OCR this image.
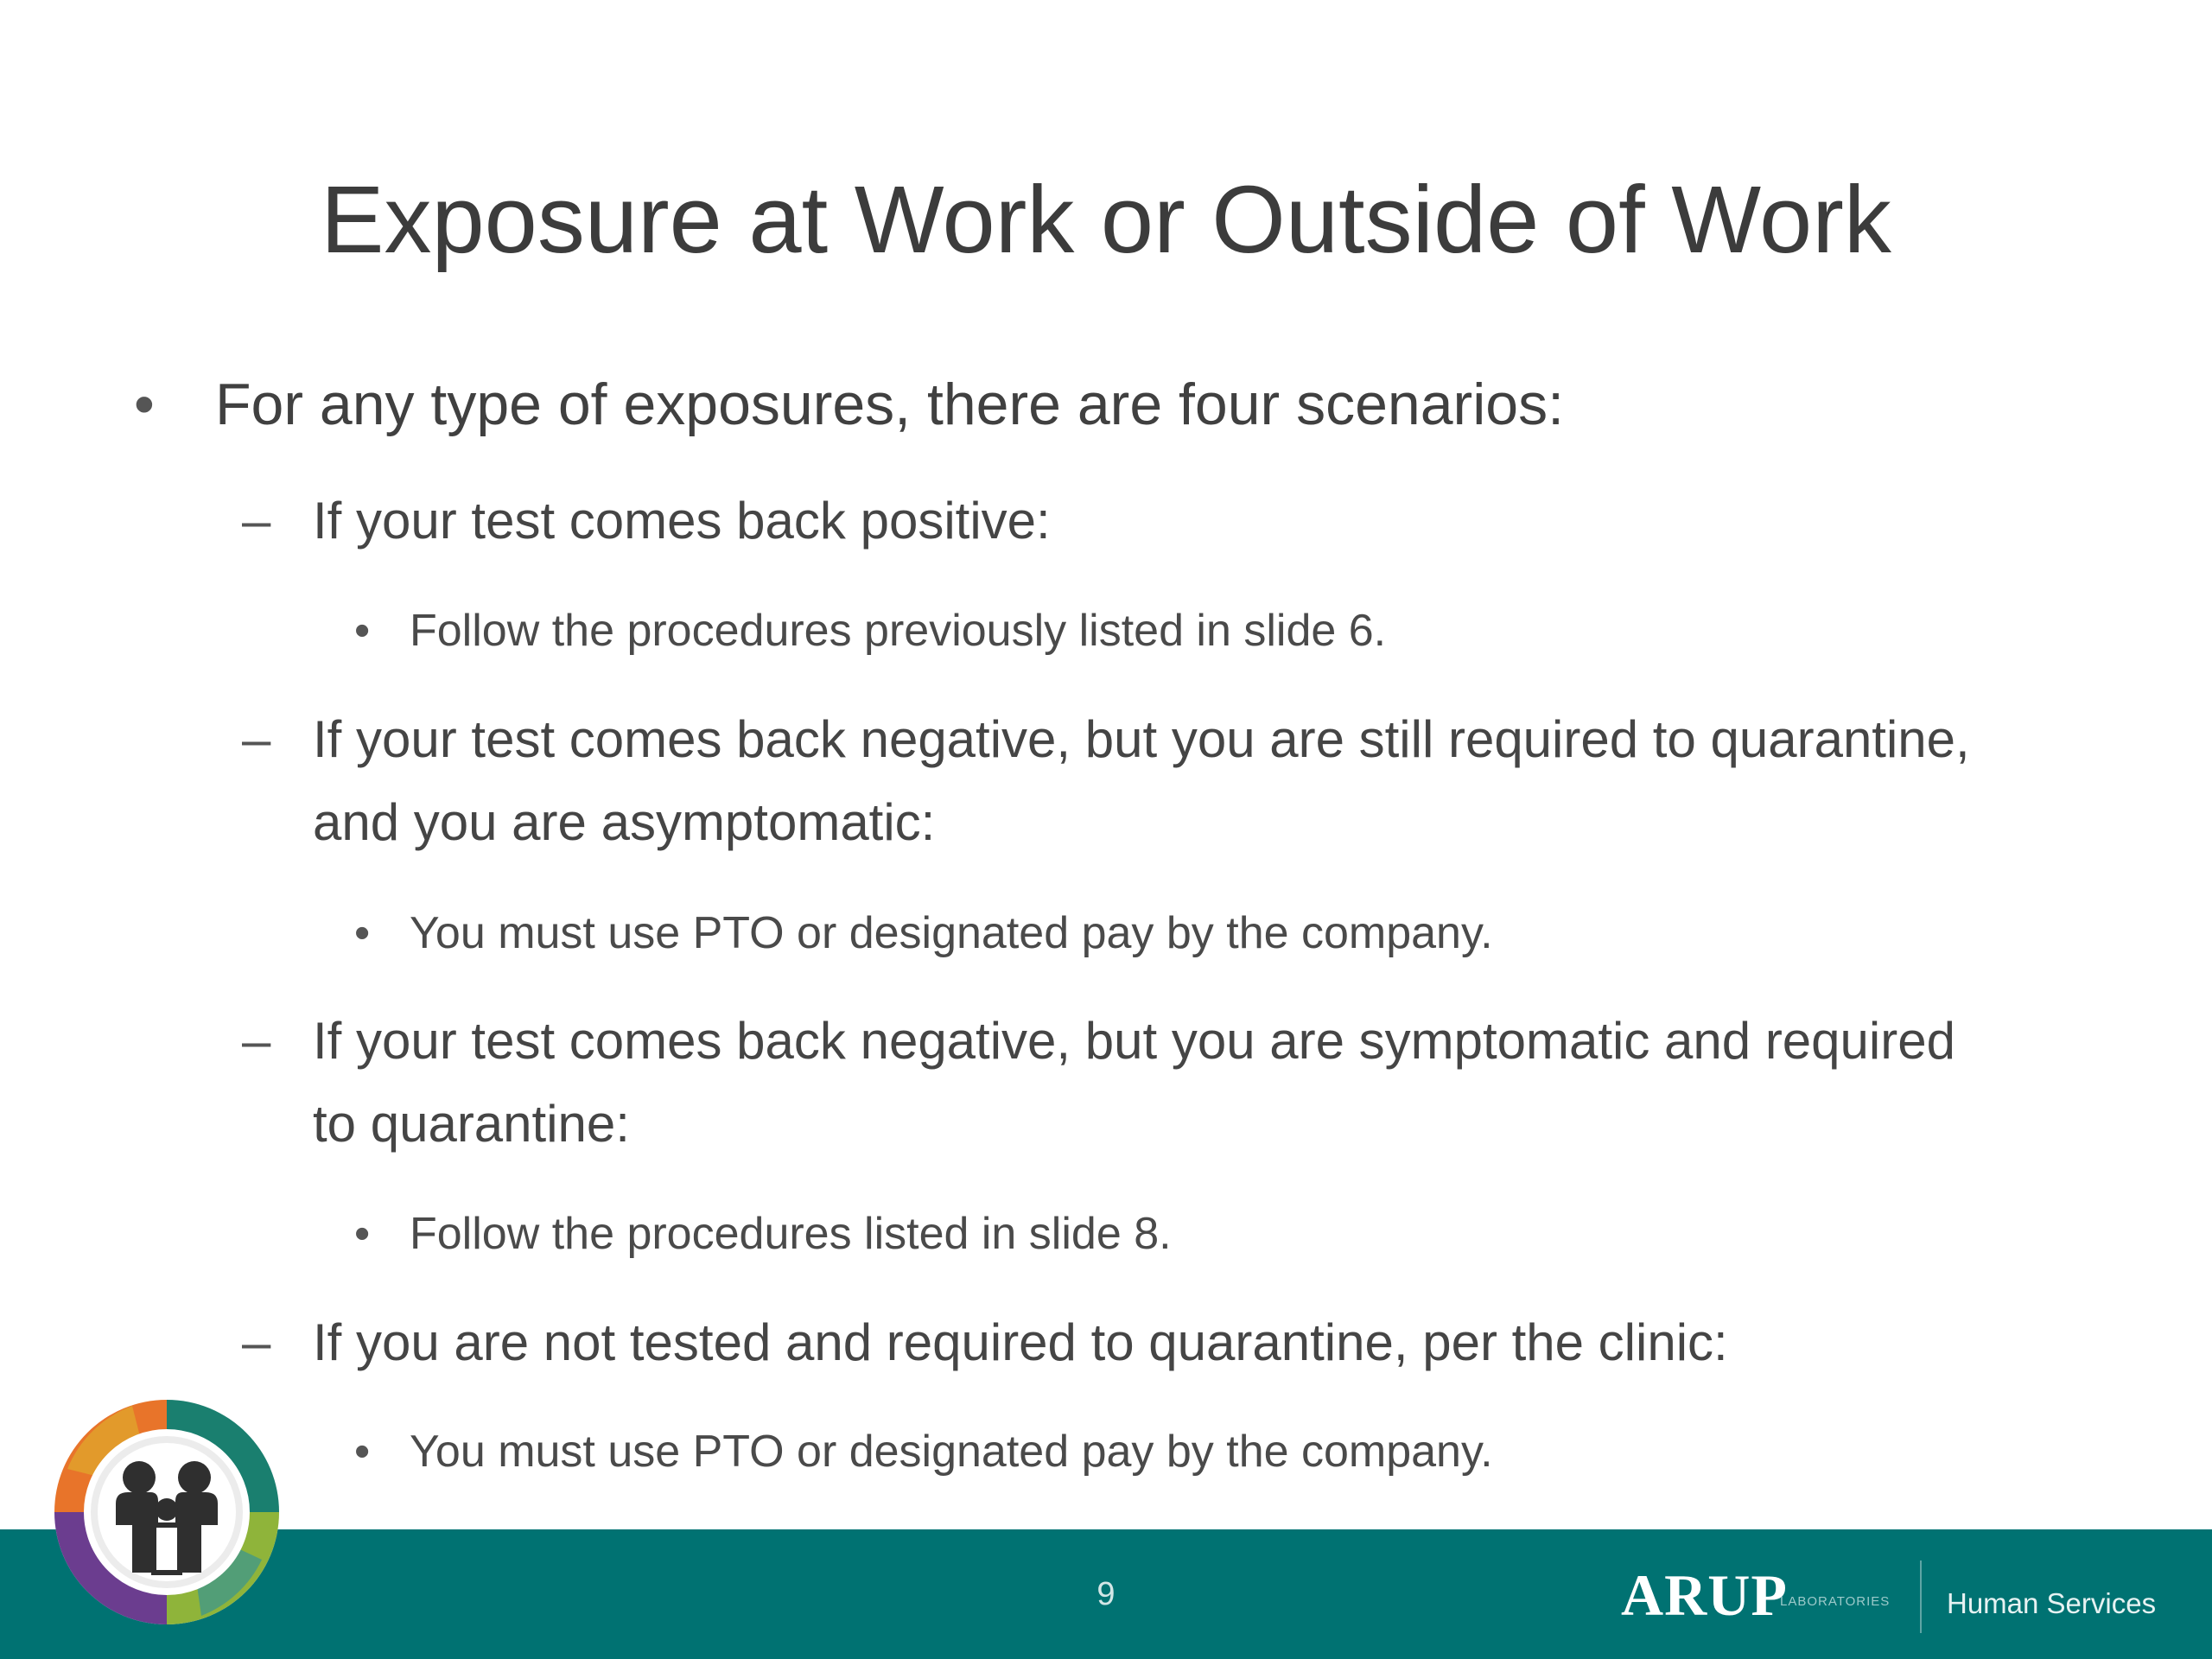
Exposure at Work or Outside of Work
• For any type of exposures, there are four scenarios:
– If your test comes back positive:
• Follow the procedures previously listed in slide 6.
– If your test comes back negative, but you are still required to quarantine,
and you are asymptomatic:
• You must use PTO or designated pay by the company.
– If your test comes back negative, but you are symptomatic and required
to quarantine:
• Follow the procedures listed in slide 8.
– If you are not tested and required to quarantine, per the clinic:
• You must use PTO or designated pay by the company.
9	ARUP
LABORATORIES Human Services
